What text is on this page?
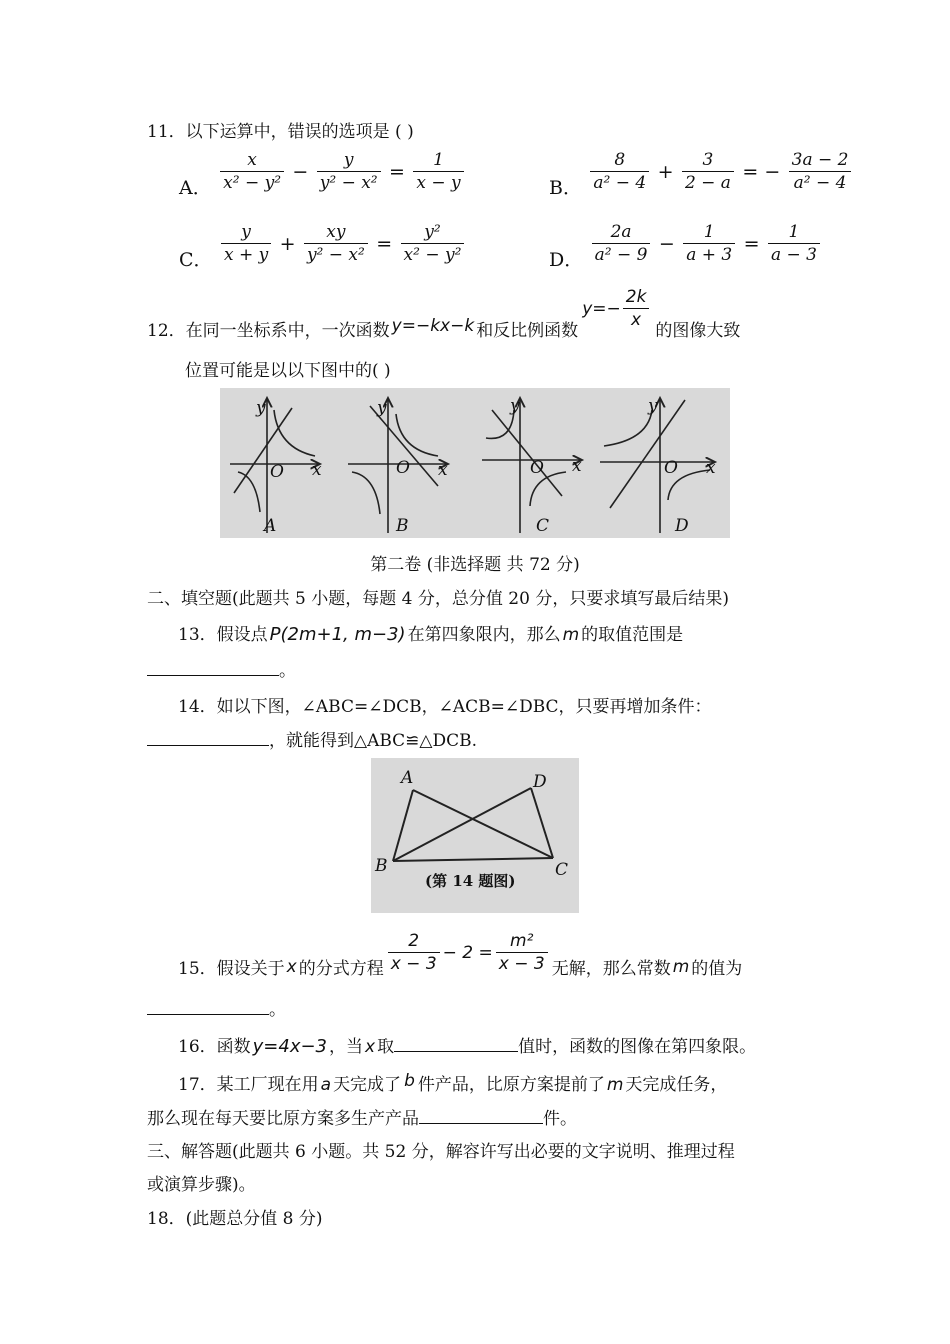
11．以下运算中，错误的选项是 ( )
A． $\frac{x}{\text{x² − y²}} - \frac{y}{\text{y² − x²}} = \frac{1}{x - y}$	B． $\frac{8}{\text{a² − 4}} + \frac{3}{2 - a}$ = − $\frac{3a - 2}{\text{a² − 4}}$
C． $\frac{y}{x + y} + \frac{xy}{\text{y² − x²}} = \frac{\text{y²}}{\text{x² − y²}}$	D． $\frac{2a}{\text{a² − 9}} - \frac{1}{a + 3} = \frac{1}{a - 3}$
12．在同一坐标系中，一次函数 y=−kx−k 和反比例函数
$y=- \frac{2k}{x}$
的图像大致
位置可能是以以下图中的( )
y
x
O
y
x
O
y
x
O
y
x
O
A	B	C	D
第二卷 (非选择题 共 72 分)
二、填空题(此题共 5 小题，每题 4 分，总分值 20 分，只要求填写最后结果)
13．假设点 P(2m+1, m−3) 在第四象限内，那么 m 的取值范围是
。
14．如以下图，∠ABC=∠DCB，∠ACB=∠DBC，只要再增加条件：
，就能得到△ABC≌△DCB.
A	D
B	C
(第 14 题图)
15．假设关于 x 的分式方程 $\frac{2}{x - 3} - 2 = \frac{\text{m²}}{x - 3}$ 无解，那么常数 m 的值为
。
16．函数 y=4x−3 ，当 x 取	值时，函数的图像在第四象限。
17．某工厂现在用 a 天完成了 b 件产品，比原方案提前了 m 天完成任务，
那么现在每天要比原方案多生产产品	件。
三、解答题(此题共 6 小题。共 52 分，解容许写出必要的文字说明、推理过程
或演算步骤)。
18．(此题总分值 8 分)
